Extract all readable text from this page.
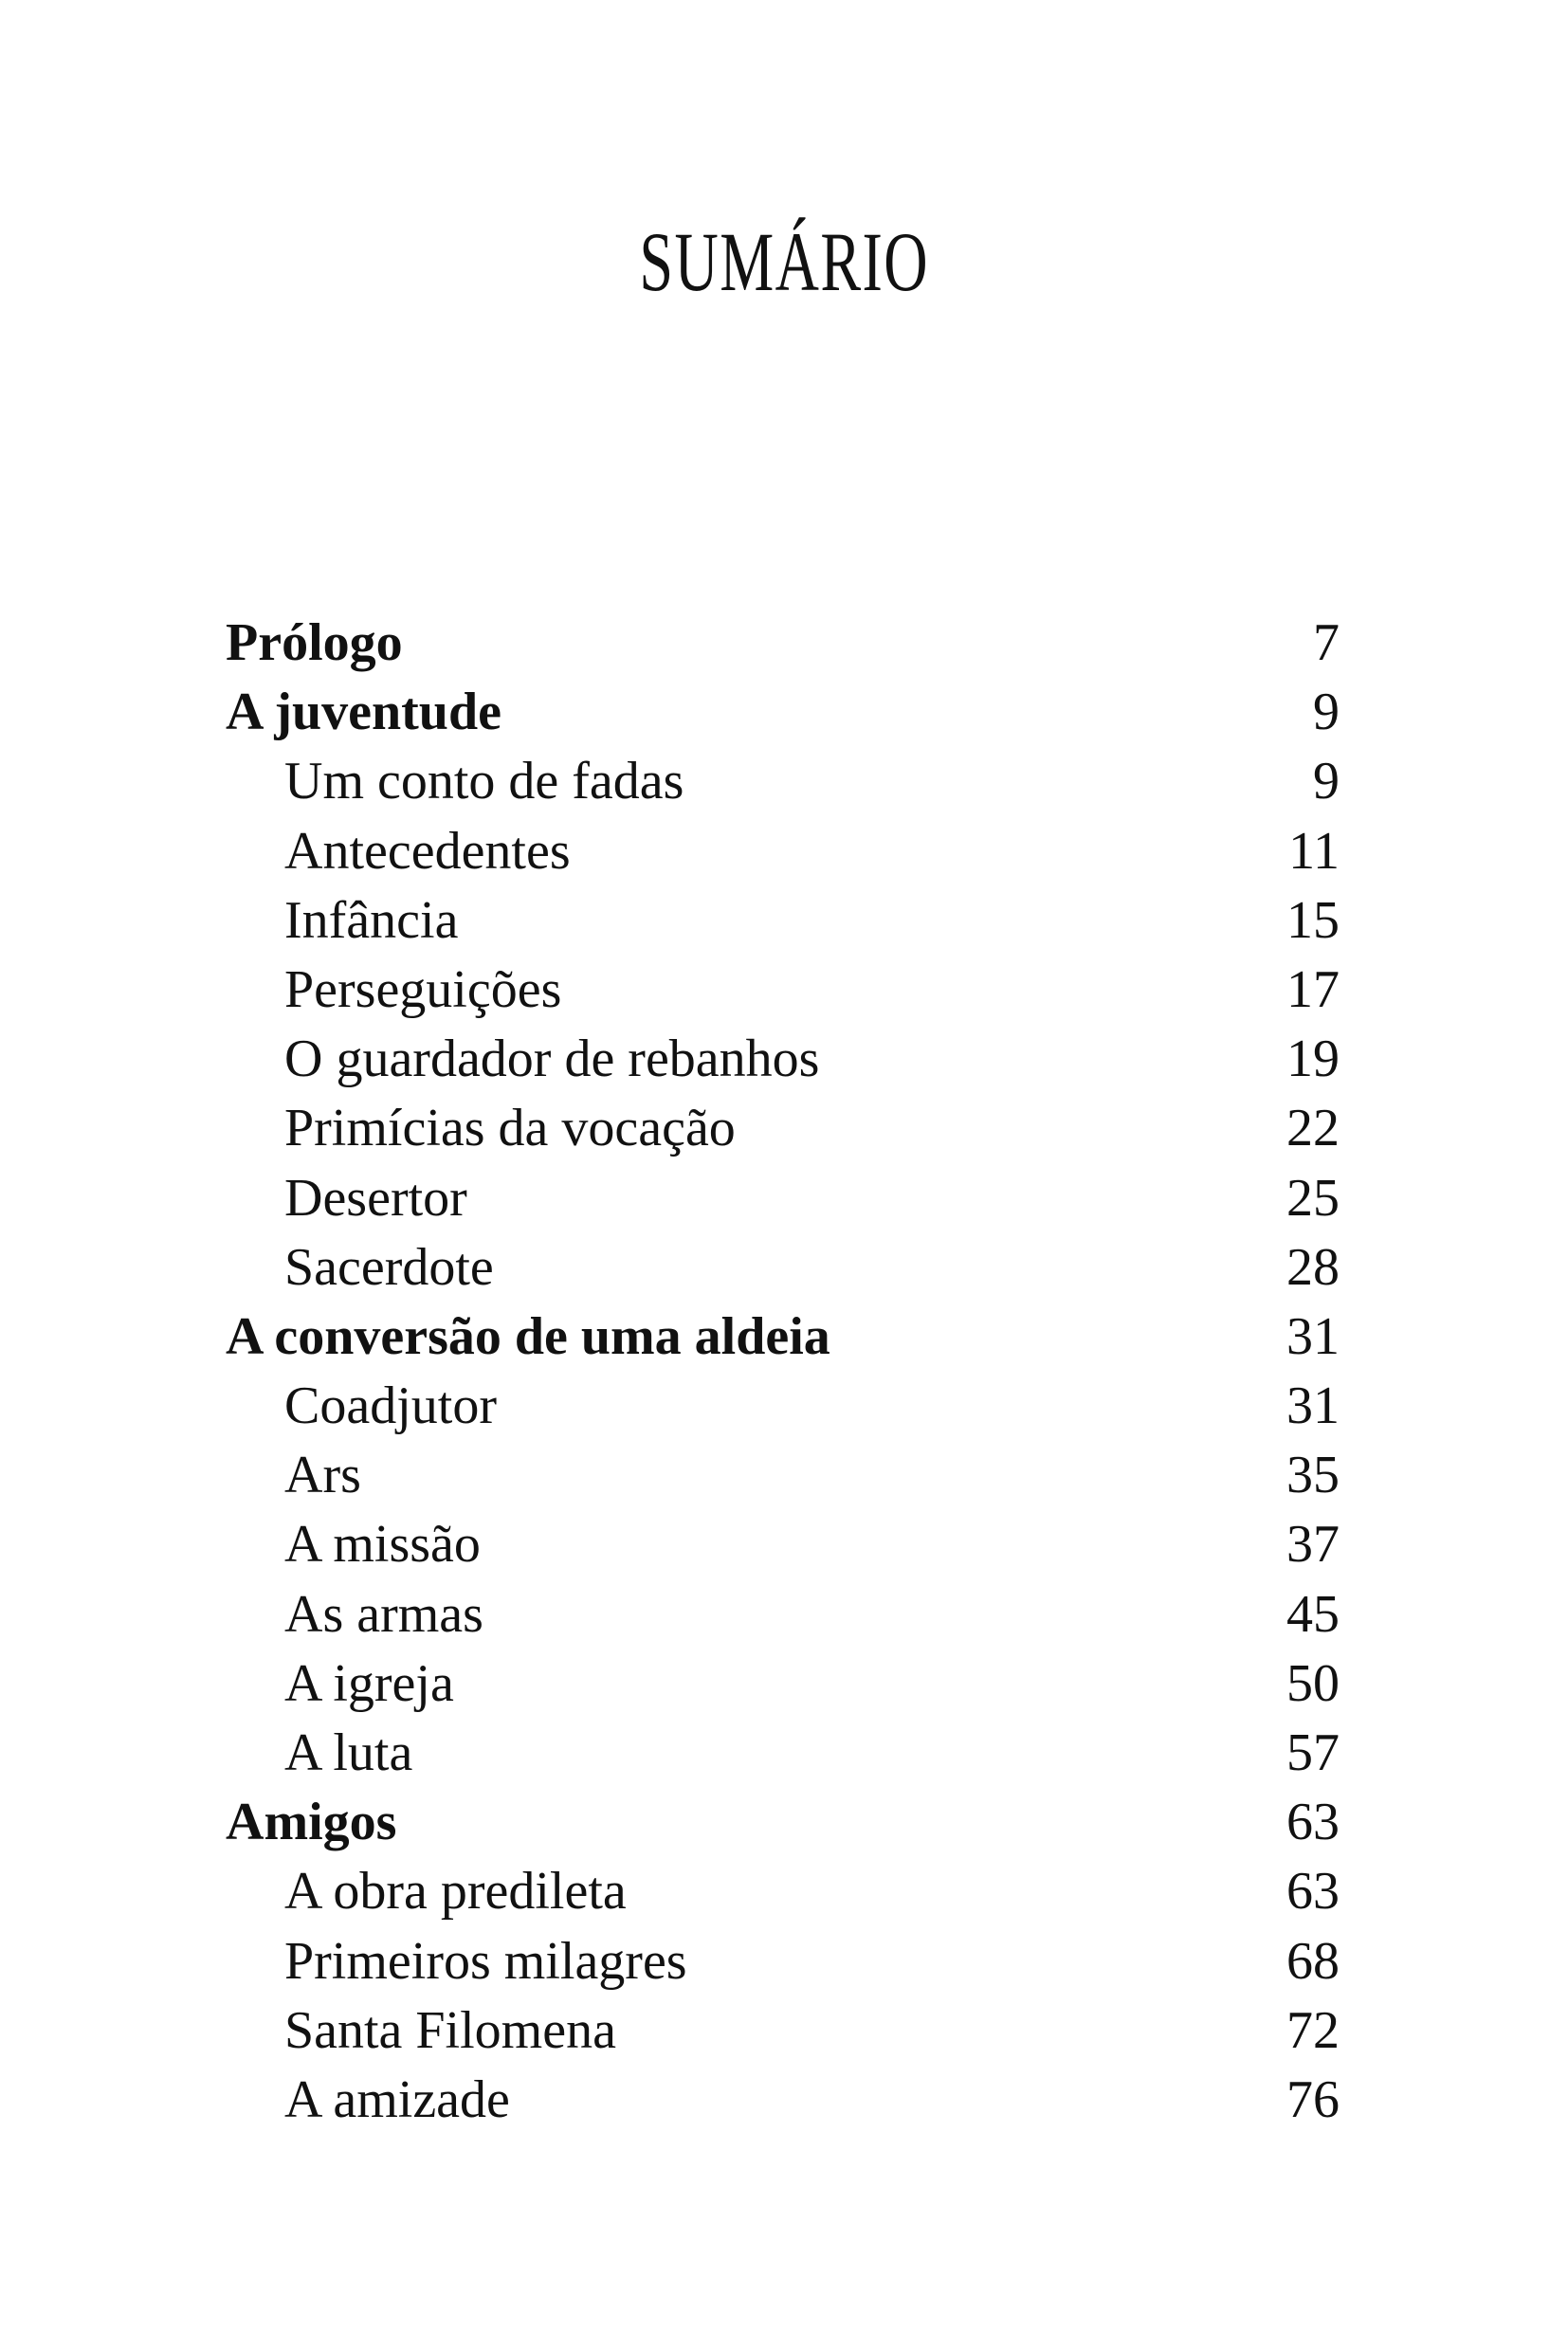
SUMÁRIO
Prólogo	7
A juventude	9
Um conto de fadas	9
Antecedentes	11
Infância	15
Perseguições	17
O guardador de rebanhos	19
Primícias da vocação	22
Desertor	25
Sacerdote	28
A conversão de uma aldeia	31
Coadjutor	31
Ars	35
A missão	37
As armas	45
A igreja	50
A luta	57
Amigos	63
A obra predileta	63
Primeiros milagres	68
Santa Filomena	72
A amizade	76
